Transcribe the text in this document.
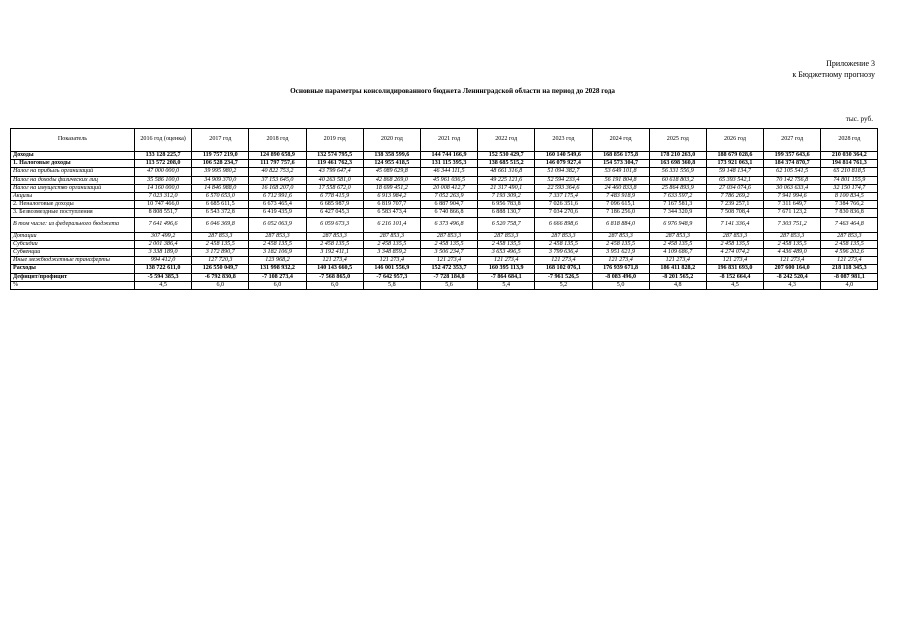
Приложение 3
к Бюджетному прогнозу
Основные параметры консолидированного бюджета Ленинградской области на период до 2028 года
тыс. руб.
Показатель	2016 год (оценка)	2017 год	2018 год	2019 год	2020 год	2021 год	2022 год	2023 год	2024 год	2025 год	2026 год	2027 год	2028 год
Доходы	133 128 225,7	119 757 219,0	124 890 658,9	132 574 795,5	138 358 599,6	144 744 166,9	152 530 429,7	160 140 549,6	168 856 175,8	178 210 263,0	188 679 028,6	199 357 643,6	210 030 364,2
1. Налоговые доходы	113 572 208,0	106 528 234,7	111 797 757,6	119 461 762,3	124 955 418,5	131 115 395,3	138 685 515,2	146 079 927,4	154 573 304,7	163 698 360,8	173 921 063,1	184 374 870,7	194 814 761,3
Налог на прибыль организаций	47 000 000,0	39 995 980,2	40 822 753,2	43 799 647,4	45 089 629,8	46 344 111,5	48 661 316,8	51 094 382,7	53 649 101,8	56 331 556,9	59 148 134,7	62 105 541,5	65 210 818,5
Налог на доходы физических лиц	35 586 100,0	34 909 370,0	37 153 645,0	40 263 581,0	42 868 269,0	45 961 036,5	49 225 121,6	52 594 233,4	56 191 804,8	60 618 803,2	65 393 542,1	70 142 756,8	74 801 155,9
Налог на имущество организаций	14 160 000,0	14 846 988,0	16 168 207,0	17 558 672,0	18 699 451,2	20 008 412,7	21 317 490,1	22 593 364,6	24 460 833,8	25 864 893,9	27 034 074,6	30 063 633,4	32 150 174,7
Акцизы	7 023 312,0	6 570 653,0	6 712 991,6	6 778 415,9	6 913 984,2	7 052 263,9	7 193 309,2	7 337 175,4	7 483 918,9	7 633 597,2	7 786 269,2	7 941 994,6	8 100 834,5
2. Неналоговые доходы	10 747 466,0	6 685 611,5	6 673 465,4	6 685 987,9	6 819 707,7	6 887 904,7	6 956 783,8	7 026 351,6	7 096 615,1	7 167 581,3	7 239 257,1	7 311 649,7	7 384 766,2
3. Безвозмездные поступления	8 808 551,7	6 543 372,8	6 419 435,9	6 427 045,3	6 583 473,4	6 740 866,8	6 888 130,7	7 034 270,6	7 186 256,0	7 344 320,9	7 508 708,4	7 671 123,2	7 830 836,8
В том числе: из федерального бюджета	7 641 496,6	6 046 369,8	6 052 063,9	6 059 673,3	6 216 101,4	6 373 496,8	6 520 758,7	6 666 898,6	6 818 884,0	6 976 948,9	7 141 336,4	7 303 751,2	7 463 464,8
Дотации	307 499,2	287 853,3	287 853,3	287 853,3	287 853,3	287 853,3	287 853,3	287 853,3	287 853,3	287 853,3	287 853,3	287 853,3	287 853,3
Субсидии	2 001 386,4	2 458 135,5	2 458 135,5	2 458 135,5	2 458 135,5	2 458 135,5	2 458 135,5	2 458 135,5	2 458 135,5	2 458 135,5	2 458 135,5	2 458 135,5	2 458 135,5
Субвенции	3 338 189,0	3 172 890,7	3 182 106,9	3 192 411,1	3 348 859,2	3 506 234,7	3 653 496,5	3 799 636,4	3 951 621,9	4 109 686,7	4 274 074,2	4 436 489,0	4 596 202,6
Иные межбюджетные трансферты	994 412,0	127 720,3	123 968,2	121 273,4	121 273,4	121 273,4	121 273,4	121 273,4	121 273,4	121 273,4	121 273,4	121 273,4	121 273,4
Расходы	138 722 611,0	126 550 049,7	131 998 932,2	140 143 660,5	146 001 556,9	152 472 353,7	160 395 113,9	168 102 076,1	176 939 671,8	186 411 828,2	196 831 693,0	207 600 164,0	218 118 345,3
Дефицит/профицит	-5 594 385,3	-6 792 830,8	-7 108 273,4	-7 568 865,0	-7 642 957,3	-7 728 184,8	-7 864 684,1	-7 961 526,5	-8 083 496,0	-8 201 565,2	-8 152 664,4	-8 242 520,4	-8 087 981,1
%	4,5	6,0	6,0	6,0	5,8	5,6	5,4	5,2	5,0	4,8	4,5	4,3	4,0
